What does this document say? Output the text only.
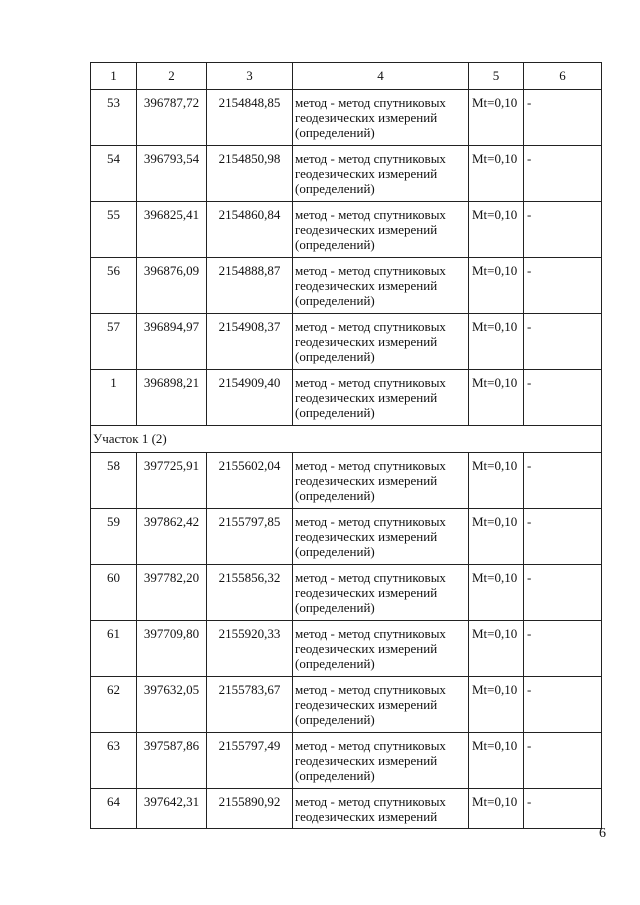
1	2	3	4	5	6
53	396787,72	2154848,85	метод - метод спутниковых
геодезических измерений
(определений)	Mt=0,10	-
54	396793,54	2154850,98	метод - метод спутниковых
геодезических измерений
(определений)	Mt=0,10	-
55	396825,41	2154860,84	метод - метод спутниковых
геодезических измерений
(определений)	Mt=0,10	-
56	396876,09	2154888,87	метод - метод спутниковых
геодезических измерений
(определений)	Mt=0,10	-
57	396894,97	2154908,37	метод - метод спутниковых
геодезических измерений
(определений)	Mt=0,10	-
1	396898,21	2154909,40	метод - метод спутниковых
геодезических измерений
(определений)	Mt=0,10	-
Участок 1 (2)					
58	397725,91	2155602,04	метод - метод спутниковых
геодезических измерений
(определений)	Mt=0,10	-
59	397862,42	2155797,85	метод - метод спутниковых
геодезических измерений
(определений)	Mt=0,10	-
60	397782,20	2155856,32	метод - метод спутниковых
геодезических измерений
(определений)	Mt=0,10	-
61	397709,80	2155920,33	метод - метод спутниковых
геодезических измерений
(определений)	Mt=0,10	-
62	397632,05	2155783,67	метод - метод спутниковых
геодезических измерений
(определений)	Mt=0,10	-
63	397587,86	2155797,49	метод - метод спутниковых
геодезических измерений
(определений)	Mt=0,10	-
64	397642,31	2155890,92	метод - метод спутниковых
геодезических измерений	Mt=0,10	-
6
